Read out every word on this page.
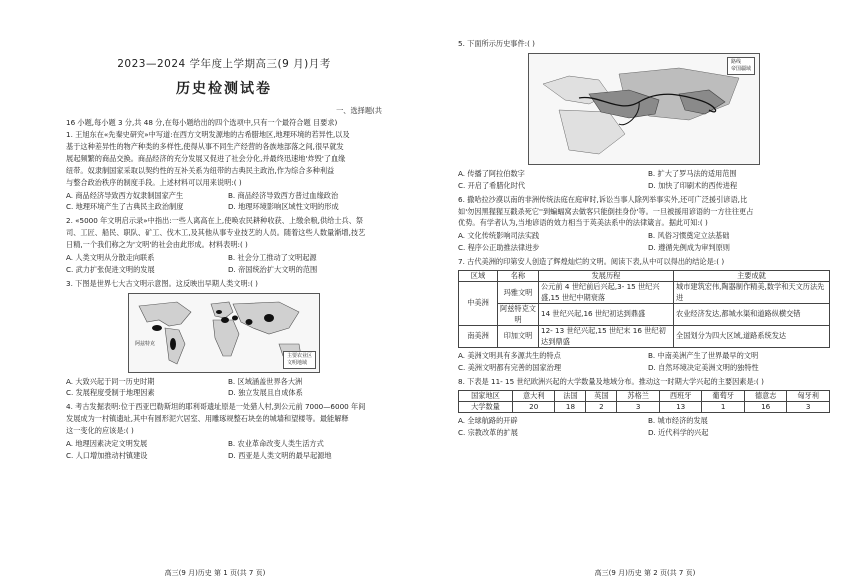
2023—2024 学年度上学期高三(9 月)月考
历史检测试卷
一、选择题(共
16 小题,每小题 3 分,共 48 分,在每小题给出的四个选项中,只有一个最符合题 目要求)
1. 王旭东在«先秦史研究»中写道:在西方文明发源地的古希腊地区,地理环境的若异性,以及
基于这种差异性的物产种类的多样性,使得从事不同生产经营的各族地部落之间,很早就发
展起频繁的商品交换。商品经济的充分发展又促进了社会分化,并最终迅速地'炸毁'了血缘
纽带。奴隶制国家采取以契约性的互补关系为纽带的古典民主政治,作为综合多种利益
与整合政治秩序的制度手段。上述材料可以用来说明:( )
A. 商品经济导致西方奴隶制国家产生	B. 商品经济导致西方普过血缘政治
C. 地理环境产生了古典民主政治制度	D. 地理环境影响区域性文明的形成
2. «5000 年文明启示录»中指出:一些人离高在上,使唤农民耕种收获、上缴余粮,供给士兵、祭
司、工匠、船民、职队、矿工、伐木工,及其他从事专业技艺的人员。随着这些人数量渐增,技艺
日精,一个我们称之为'文明'的社会由此形成。材料表明:( )
A. 人类文明从分散走向联系	B. 社会分工推动了文明起源
C. 武力扩张促进文明的发展	D. 帝国统治扩大文明的范围
3. 下图是世界七大古文明示意图。这反映出早期人类文明:( )
阿兹特克
主要农业区
文明地域
A. 大致兴起于同一历史时期	B. 区域涵盖世界各大洲
C. 发展程度受制于地理因素	D. 独立发展且自成体系
4. 考古发掘表明:位于西亚巴勒斯坦的耶利哥遗址原是一处猎人村,到公元前 7000—6000 年间
发展成为一村镇遗址,其中有圆形泥穴居室、用雕琢规整石块垒的城墙和望楼等。最能解释
这一变化的应该是:( )
A. 地理因素决定文明发展	B. 农业革命改变人类生活方式
C. 人口增加推动村镇建设	D. 西亚是人类文明的最早起源地
高三(9 月)历史 第 1 页(共 7 页)
5. 下面所示历史事件:( )
路线
帝国疆域
A. 传播了阿拉伯数字	B. 扩大了罗马法的适用范围
C. 开启了希腊化时代	D. 加快了印刷术的西传进程
6. 撒哈拉沙漠以南的非洲传统法庭在庭审时,诉讼当事人除列举事实外,还可广泛援引谚语,比
如'勿因黑猩猩互戳杀死它''到蝙蝠窝去做客只能倒挂身份'等。一旦被援用谚语的一方往往更占
优势。有学者认为,当地谚语的效力相当于英美法系中的法律箴言。据此可知:( )
A. 文化传统影响司法实践	B. 风俗习惯奠定立法基础
C. 程序公正助推法律进步	D. 遵循先例成为审判原则
7. 古代美洲的印第安人创造了辉煌灿烂的文明。阅读下表,从中可以得出的结论是:( )
区域	名称	发展历程	主要成就
中美洲	玛雅文明	公元前 4 世纪前后兴起,3- 15 世纪兴盛,15 世纪中期衰落	城市建筑宏伟,陶器制作精美,数学和天文历法先进
	阿兹特克文明	14 世纪兴起,16 世纪初达到鼎盛	农业经济发达,都城水渠和道路纵横交错
南美洲	印加文明	12- 13 世纪兴起,15 世纪末 16 世纪初达到鼎盛	全国划分为四大区域,道路系统发达
A. 美洲文明具有多源共生的特点	B. 中南美洲产生了世界最早的文明
C. 美洲文明都有完善的国家治理	D. 自然环境决定美洲文明的独特性
8. 下表是 11- 15 世纪欧洲兴起的大学数量及地域分布。推动这一时期大学兴起的主要因素是:( )
国家地区	意大利	法国	英国	苏格兰	西班牙	葡萄牙	德意志	匈牙利
大学数量	20	18	2	3	13	1	16	3
A. 全球航路的开辟	B. 城市经济的发展
C. 宗教改革的扩展	D. 近代科学的兴起
高三(9 月)历史 第 2 页(共 7 页)
